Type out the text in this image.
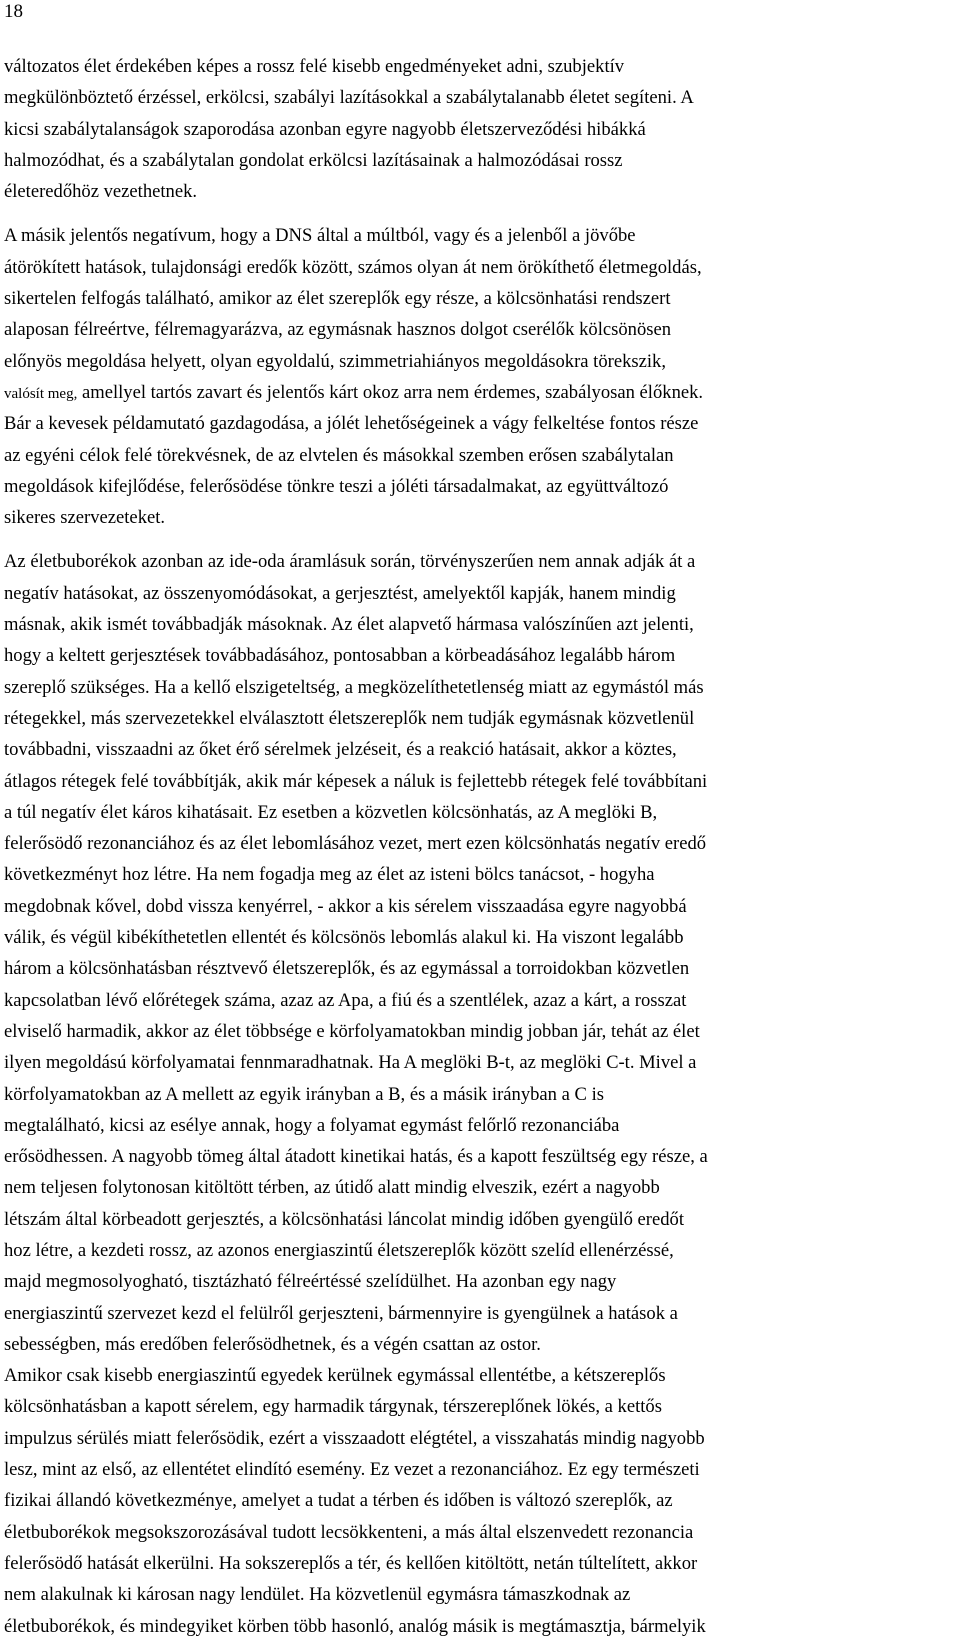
18
változatos élet érdekében képes a rossz felé kisebb engedményeket adni, szubjektív
megkülönböztető érzéssel, erkölcsi, szabályi lazításokkal a szabálytalanabb életet segíteni. A
kicsi szabálytalanságok szaporodása azonban egyre nagyobb életszerveződési hibákká
halmozódhat, és a szabálytalan gondolat erkölcsi lazításainak a halmozódásai rossz
életeredőhöz vezethetnek.
A másik jelentős negatívum, hogy a DNS által a múltból, vagy és a jelenből a jövőbe
átörökített hatások, tulajdonsági eredők között, számos olyan át nem örökíthető életmegoldás,
sikertelen felfogás található, amikor az élet szereplők egy része, a kölcsönhatási rendszert
alaposan félreértve, félremagyarázva, az egymásnak hasznos dolgot cserélők kölcsönösen
előnyös megoldása helyett, olyan egyoldalú, szimmetriahiányos megoldásokra törekszik,
valósít meg, amellyel tartós zavart és jelentős kárt okoz arra nem érdemes, szabályosan élőknek.
Bár a kevesek példamutató gazdagodása, a jólét lehetőségeinek a vágy felkeltése fontos része
az egyéni célok felé törekvésnek, de az elvtelen és másokkal szemben erősen szabálytalan
megoldások kifejlődése, felerősödése tönkre teszi a jóléti társadalmakat, az együttváltozó
sikeres szervezeteket.
Az életbuborékok azonban az ide-oda áramlásuk során, törvényszerűen nem annak adják át a
negatív hatásokat, az összenyomódásokat, a gerjesztést, amelyektől kapják, hanem mindig
másnak, akik ismét továbbadják másoknak. Az élet alapvető hármasa valószínűen azt jelenti,
hogy a keltett gerjesztések továbbadásához, pontosabban a körbeadásához legalább három
szereplő szükséges. Ha a kellő elszigeteltség, a megközelíthetetlenség miatt az egymástól más
rétegekkel, más szervezetekkel elválasztott életszereplők nem tudják egymásnak közvetlenül
továbbadni, visszaadni az őket érő sérelmek jelzéseit, és a reakció hatásait, akkor a köztes,
átlagos rétegek felé továbbítják, akik már képesek a náluk is fejlettebb rétegek felé továbbítani
a túl negatív élet káros kihatásait. Ez esetben a közvetlen kölcsönhatás, az A meglöki B,
felerősödő rezonanciához és az élet lebomlásához vezet, mert ezen kölcsönhatás negatív eredő
következményt hoz létre. Ha nem fogadja meg az élet az isteni bölcs tanácsot, - hogyha
megdobnak kővel, dobd vissza kenyérrel, - akkor a kis sérelem visszaadása egyre nagyobbá
válik, és végül kibékíthetetlen ellentét és kölcsönös lebomlás alakul ki. Ha viszont legalább
három a kölcsönhatásban résztvevő életszereplők, és az egymással a torroidokban közvetlen
kapcsolatban lévő előrétegek száma, azaz az Apa, a fiú és a szentlélek, azaz a kárt, a rosszat
elviselő harmadik, akkor az élet többsége e körfolyamatokban mindig jobban jár, tehát az élet
ilyen megoldású körfolyamatai fennmaradhatnak. Ha A meglöki B-t, az meglöki C-t. Mivel a
körfolyamatokban az A mellett az egyik irányban a B, és a másik irányban a C is
megtalálható, kicsi az esélye annak, hogy a folyamat egymást felőrlő rezonanciába
erősödhessen. A nagyobb tömeg által átadott kinetikai hatás, és a kapott feszültség egy része, a
nem teljesen folytonosan kitöltött térben, az útidő alatt mindig elveszik, ezért a nagyobb
létszám által körbeadott gerjesztés, a kölcsönhatási láncolat mindig időben gyengülő eredőt
hoz létre, a kezdeti rossz, az azonos energiaszintű életszereplők között szelíd ellenérzéssé,
majd megmosolyogható, tisztázható félreértéssé szelídülhet. Ha azonban egy nagy
energiaszintű szervezet kezd el felülről gerjeszteni, bármennyire is gyengülnek a hatások a
sebességben, más eredőben felerősödhetnek, és a végén csattan az ostor.
Amikor csak kisebb energiaszintű egyedek kerülnek egymással ellentétbe, a kétszereplős
kölcsönhatásban a kapott sérelem, egy harmadik tárgynak, térszereplőnek lökés, a kettős
impulzus sérülés miatt felerősödik, ezért a visszaadott elégtétel, a visszahatás mindig nagyobb
lesz, mint az első, az ellentétet elindító esemény. Ez vezet a rezonanciához. Ez egy természeti
fizikai állandó következménye, amelyet a tudat a térben és időben is változó szereplők, az
életbuborékok megsokszorozásával tudott lecsökkenteni, a más által elszenvedett rezonancia
felerősödő hatását elkerülni. Ha sokszereplős a tér, és kellően kitöltött, netán túltelített, akkor
nem alakulnak ki károsan nagy lendület. Ha közvetlenül egymásra támaszkodnak az
életbuborékok, és mindegyiket körben több hasonló, analóg másik is megtámasztja, bármelyik
